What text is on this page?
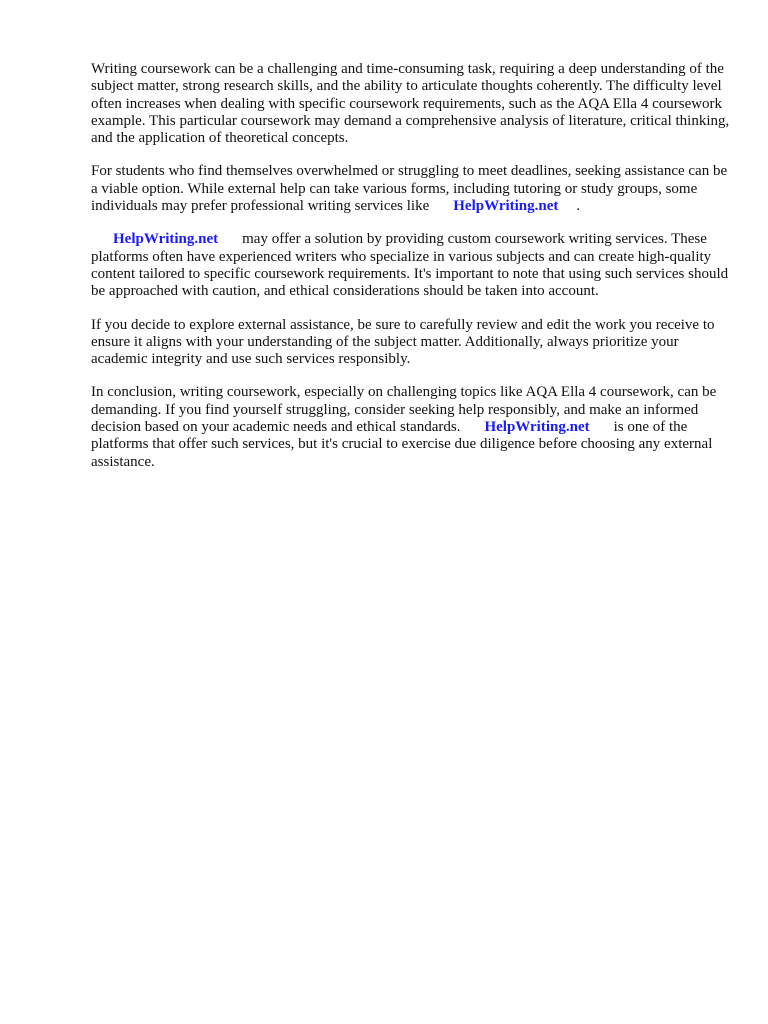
Writing coursework can be a challenging and time-consuming task, requiring a deep understanding of the subject matter, strong research skills, and the ability to articulate thoughts coherently. The difficulty level often increases when dealing with specific coursework requirements, such as the AQA Ella 4 coursework example. This particular coursework may demand a comprehensive analysis of literature, critical thinking, and the application of theoretical concepts.

For students who find themselves overwhelmed or struggling to meet deadlines, seeking assistance can be a viable option. While external help can take various forms, including tutoring or study groups, some individuals may prefer professional writing services like HelpWriting.net .

HelpWriting.net may offer a solution by providing custom coursework writing services. These platforms often have experienced writers who specialize in various subjects and can create high-quality content tailored to specific coursework requirements. It's important to note that using such services should be approached with caution, and ethical considerations should be taken into account.

If you decide to explore external assistance, be sure to carefully review and edit the work you receive to ensure it aligns with your understanding of the subject matter. Additionally, always prioritize your academic integrity and use such services responsibly.

In conclusion, writing coursework, especially on challenging topics like AQA Ella 4 coursework, can be demanding. If you find yourself struggling, consider seeking help responsibly, and make an informed decision based on your academic needs and ethical standards. HelpWriting.net is one of the platforms that offer such services, but it's crucial to exercise due diligence before choosing any external assistance.
